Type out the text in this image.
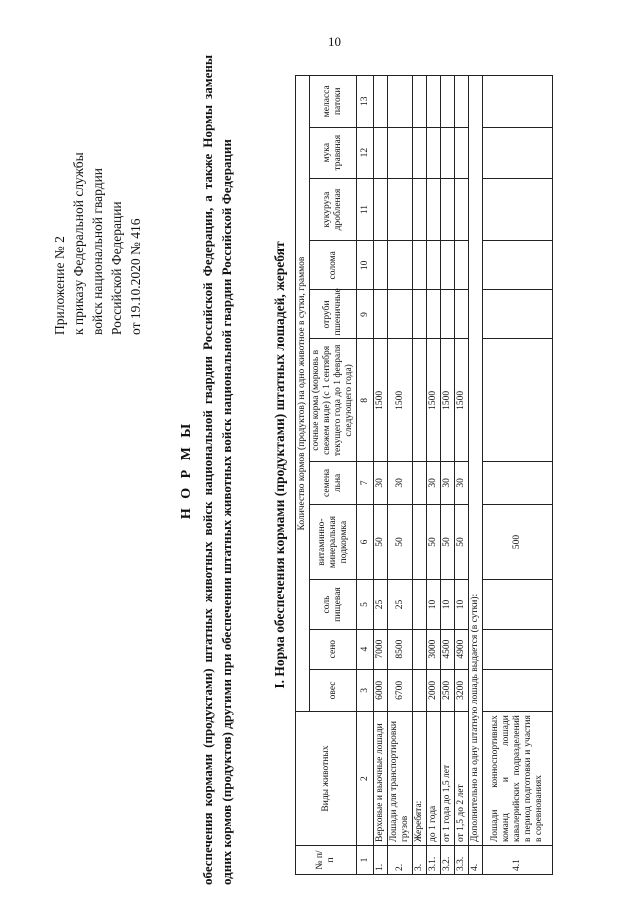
10
Приложение № 2 к приказу Федеральной службы войск национальной гвардии Российской Федерации от 19.10.2020 № 416
Н О Р М Ы обеспечения кормами (продуктами) штатных животных войск национальной гвардии Российской Федерации, а также Нормы замены одних кормов (продуктов) другими при обеспечении штатных животных войск национальной гвардии Российской Федерации	I. Норма обеспечения кормами (продуктами) штатных лошадей, жеребят
№ п/п	Виды животных	Количество кормов (продуктов) на одно животное в сутки, граммов										
		овес	сено	соль пищевая	витаминно-минеральная подкормка	семена льна	сочные корма (морковь в свежем виде) (с 1 сентября текущего года до 1 февраля следующего года)	отруби пшеничные	солома	кукуруза дробленая	мука травяная	меласса патоки
1	2	3	4	5	6	7	8	9	10	11	12	13
1.	Верховые и вьючные лошади	6000	7000	25	50	30	1500					
2.	Лошади для транспортировки грузов	6700	8500	25	50	30	1500					
3.	Жеребята:											
3.1.	до 1 года	2000	3000	10	50	30	1500					
3.2.	от 1 года до 1,5 лет	2500	4500	10	50	30	1500					
3.3.	от 1,5 до 2 лет	3200	4900	10	50	30	1500					
4.	Дополнительно на одну штатную лошадь выдается (в сутки):											
4.1	Лошади конноспортивных команд и лошади кавалерийских подразделений в период подготовки и участия в соревнованиях				500							
